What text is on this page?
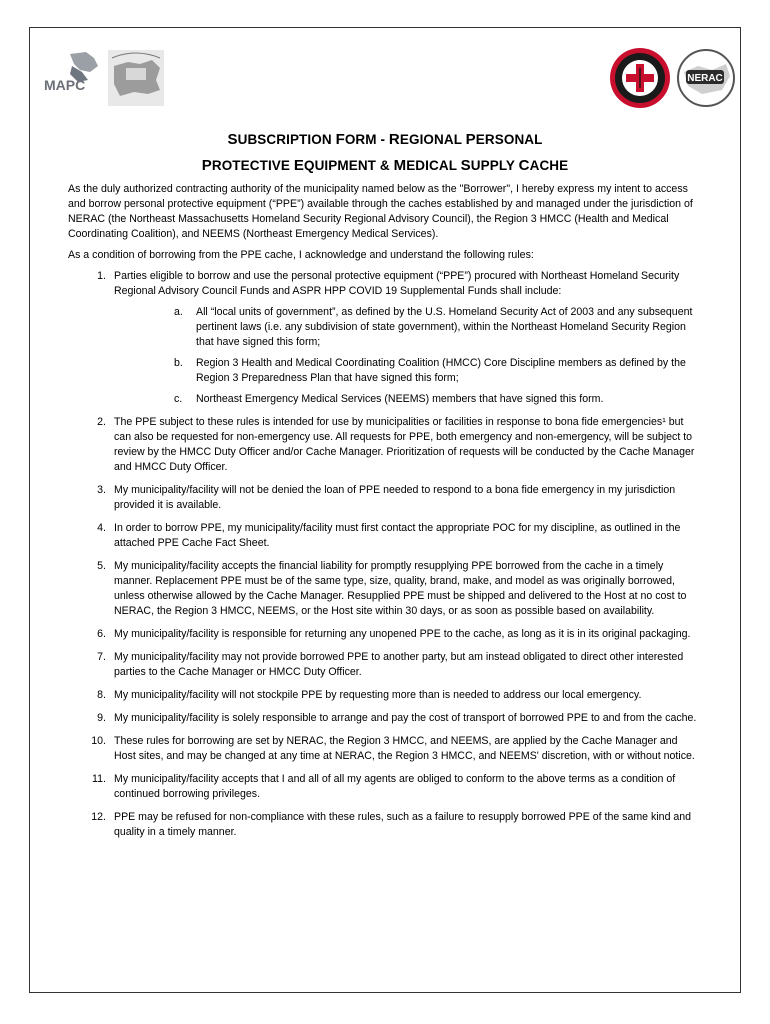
MAPC	NERAC
SUBSCRIPTION FORM - REGIONAL PERSONAL
PROTECTIVE EQUIPMENT & MEDICAL SUPPLY CACHE

As the duly authorized contracting authority of the municipality named below as the "Borrower", I hereby express my intent to access and borrow personal protective equipment (“PPE”) available through the caches established by and managed under the jurisdiction of NERAC (the Northeast Massachusetts Homeland Security Regional Advisory Council), the Region 3 HMCC (Health and Medical Coordinating Coalition), and NEEMS (Northeast Emergency Medical Services).

As a condition of borrowing from the PPE cache, I acknowledge and understand the following rules:

1. Parties eligible to borrow and use the personal protective equipment (“PPE”) procured with Northeast Homeland Security Regional Advisory Council Funds and ASPR HPP COVID 19 Supplemental Funds shall include:
a. All “local units of government”, as defined by the U.S. Homeland Security Act of 2003 and any subsequent pertinent laws (i.e. any subdivision of state government), within the Northeast Homeland Security Region that have signed this form;
b. Region 3 Health and Medical Coordinating Coalition (HMCC) Core Discipline members as defined by the Region 3 Preparedness Plan that have signed this form;
c. Northeast Emergency Medical Services (NEEMS) members that have signed this form.
2. The PPE subject to these rules is intended for use by municipalities or facilities in response to bona fide emergencies¹ but can also be requested for non-emergency use. All requests for PPE, both emergency and non-emergency, will be subject to review by the HMCC Duty Officer and/or Cache Manager. Prioritization of requests will be conducted by the Cache Manager and HMCC Duty Officer.
3. My municipality/facility will not be denied the loan of PPE needed to respond to a bona fide emergency in my jurisdiction provided it is available.
4. In order to borrow PPE, my municipality/facility must first contact the appropriate POC for my discipline, as outlined in the attached PPE Cache Fact Sheet.
5. My municipality/facility accepts the financial liability for promptly resupplying PPE borrowed from the cache in a timely manner. Replacement PPE must be of the same type, size, quality, brand, make, and model as was originally borrowed, unless otherwise allowed by the Cache Manager. Resupplied PPE must be shipped and delivered to the Host at no cost to NERAC, the Region 3 HMCC, NEEMS, or the Host site within 30 days, or as soon as possible based on availability.
6. My municipality/facility is responsible for returning any unopened PPE to the cache, as long as it is in its original packaging.
7. My municipality/facility may not provide borrowed PPE to another party, but am instead obligated to direct other interested parties to the Cache Manager or HMCC Duty Officer.
8. My municipality/facility will not stockpile PPE by requesting more than is needed to address our local emergency.
9. My municipality/facility is solely responsible to arrange and pay the cost of transport of borrowed PPE to and from the cache.
10. These rules for borrowing are set by NERAC, the Region 3 HMCC, and NEEMS, are applied by the Cache Manager and Host sites, and may be changed at any time at NERAC, the Region 3 HMCC, and NEEMS' discretion, with or without notice.
11. My municipality/facility accepts that I and all of all my agents are obliged to conform to the above terms as a condition of continued borrowing privileges.
12. PPE may be refused for non-compliance with these rules, such as a failure to resupply borrowed PPE of the same kind and quality in a timely manner.
